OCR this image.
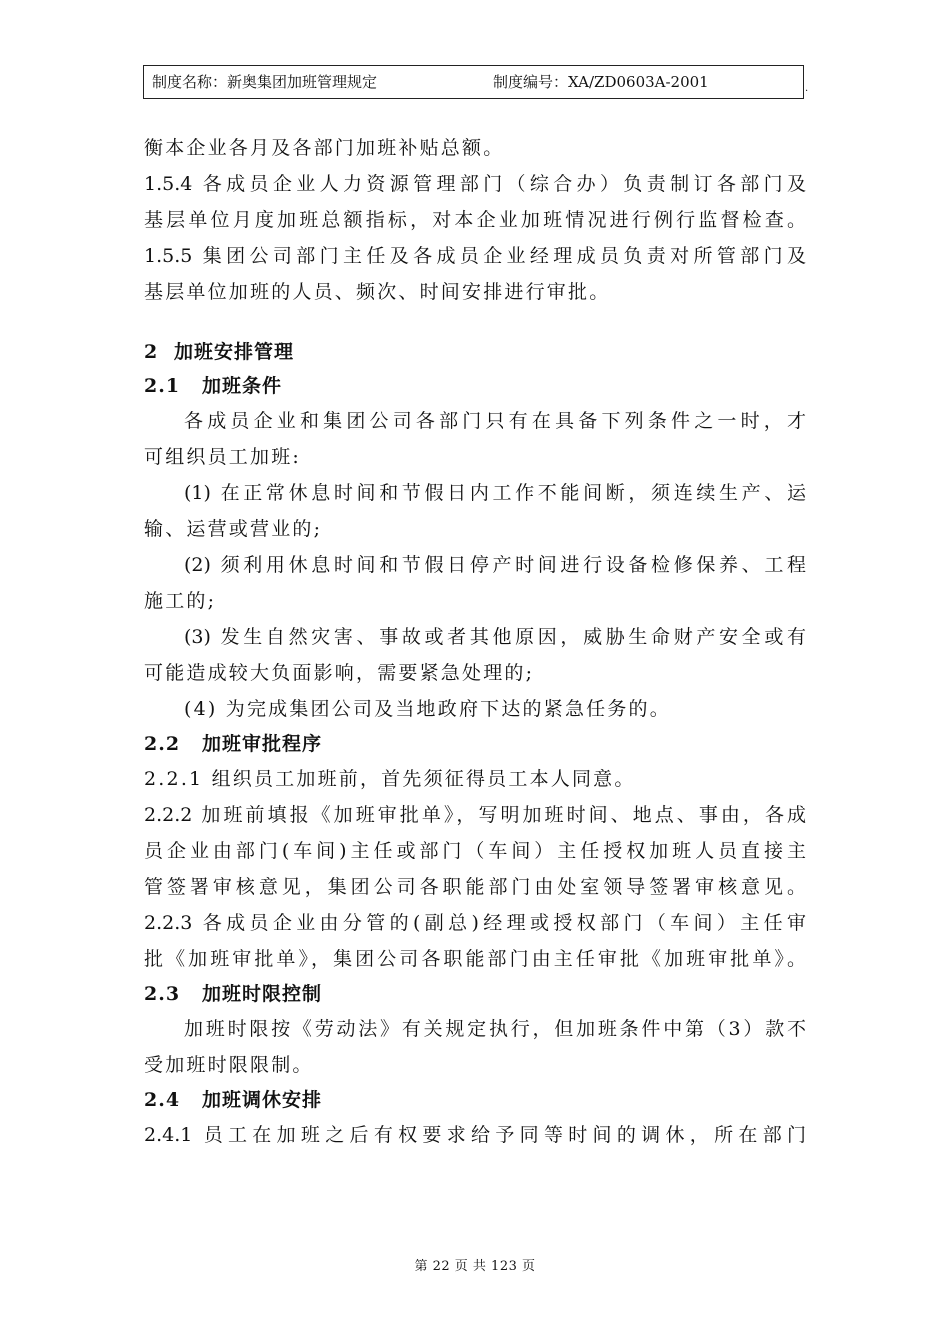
制度名称：新奥集团加班管理规定	制度编号：XA/ZD0603A-2001	.
衡本企业各月及各部门加班补贴总额。
1.5.4 各成员企业人力资源管理部门（综合办）负责制订各部门及
基层单位月度加班总额指标，对本企业加班情况进行例行监督检查。
1.5.5 集团公司部门主任及各成员企业经理成员负责对所管部门及
基层单位加班的人员、频次、时间安排进行审批。
2 加班安排管理
2.1 加班条件
各成员企业和集团公司各部门只有在具备下列条件之一时，才
可组织员工加班:
(1) 在正常休息时间和节假日内工作不能间断，须连续生产、运
输、运营或营业的;
(2) 须利用休息时间和节假日停产时间进行设备检修保养、工程
施工的;
(3) 发生自然灾害、事故或者其他原因，威胁生命财产安全或有
可能造成较大负面影响，需要紧急处理的;
(4) 为完成集团公司及当地政府下达的紧急任务的。
2.2 加班审批程序
2.2.1 组织员工加班前，首先须征得员工本人同意。
2.2.2 加班前填报《加班审批单》，写明加班时间、地点、事由，各成
员企业由部门(车间)主任或部门（车间）主任授权加班人员直接主
管签署审核意见，集团公司各职能部门由处室领导签署审核意见。
2.2.3 各成员企业由分管的(副总)经理或授权部门（车间）主任审
批《加班审批单》，集团公司各职能部门由主任审批《加班审批单》。
2.3 加班时限控制
加班时限按《劳动法》有关规定执行，但加班条件中第（3）款不
受加班时限限制。
2.4 加班调休安排
2.4.1 员工在加班之后有权要求给予同等时间的调休，所在部门
第 22 页 共 123 页
